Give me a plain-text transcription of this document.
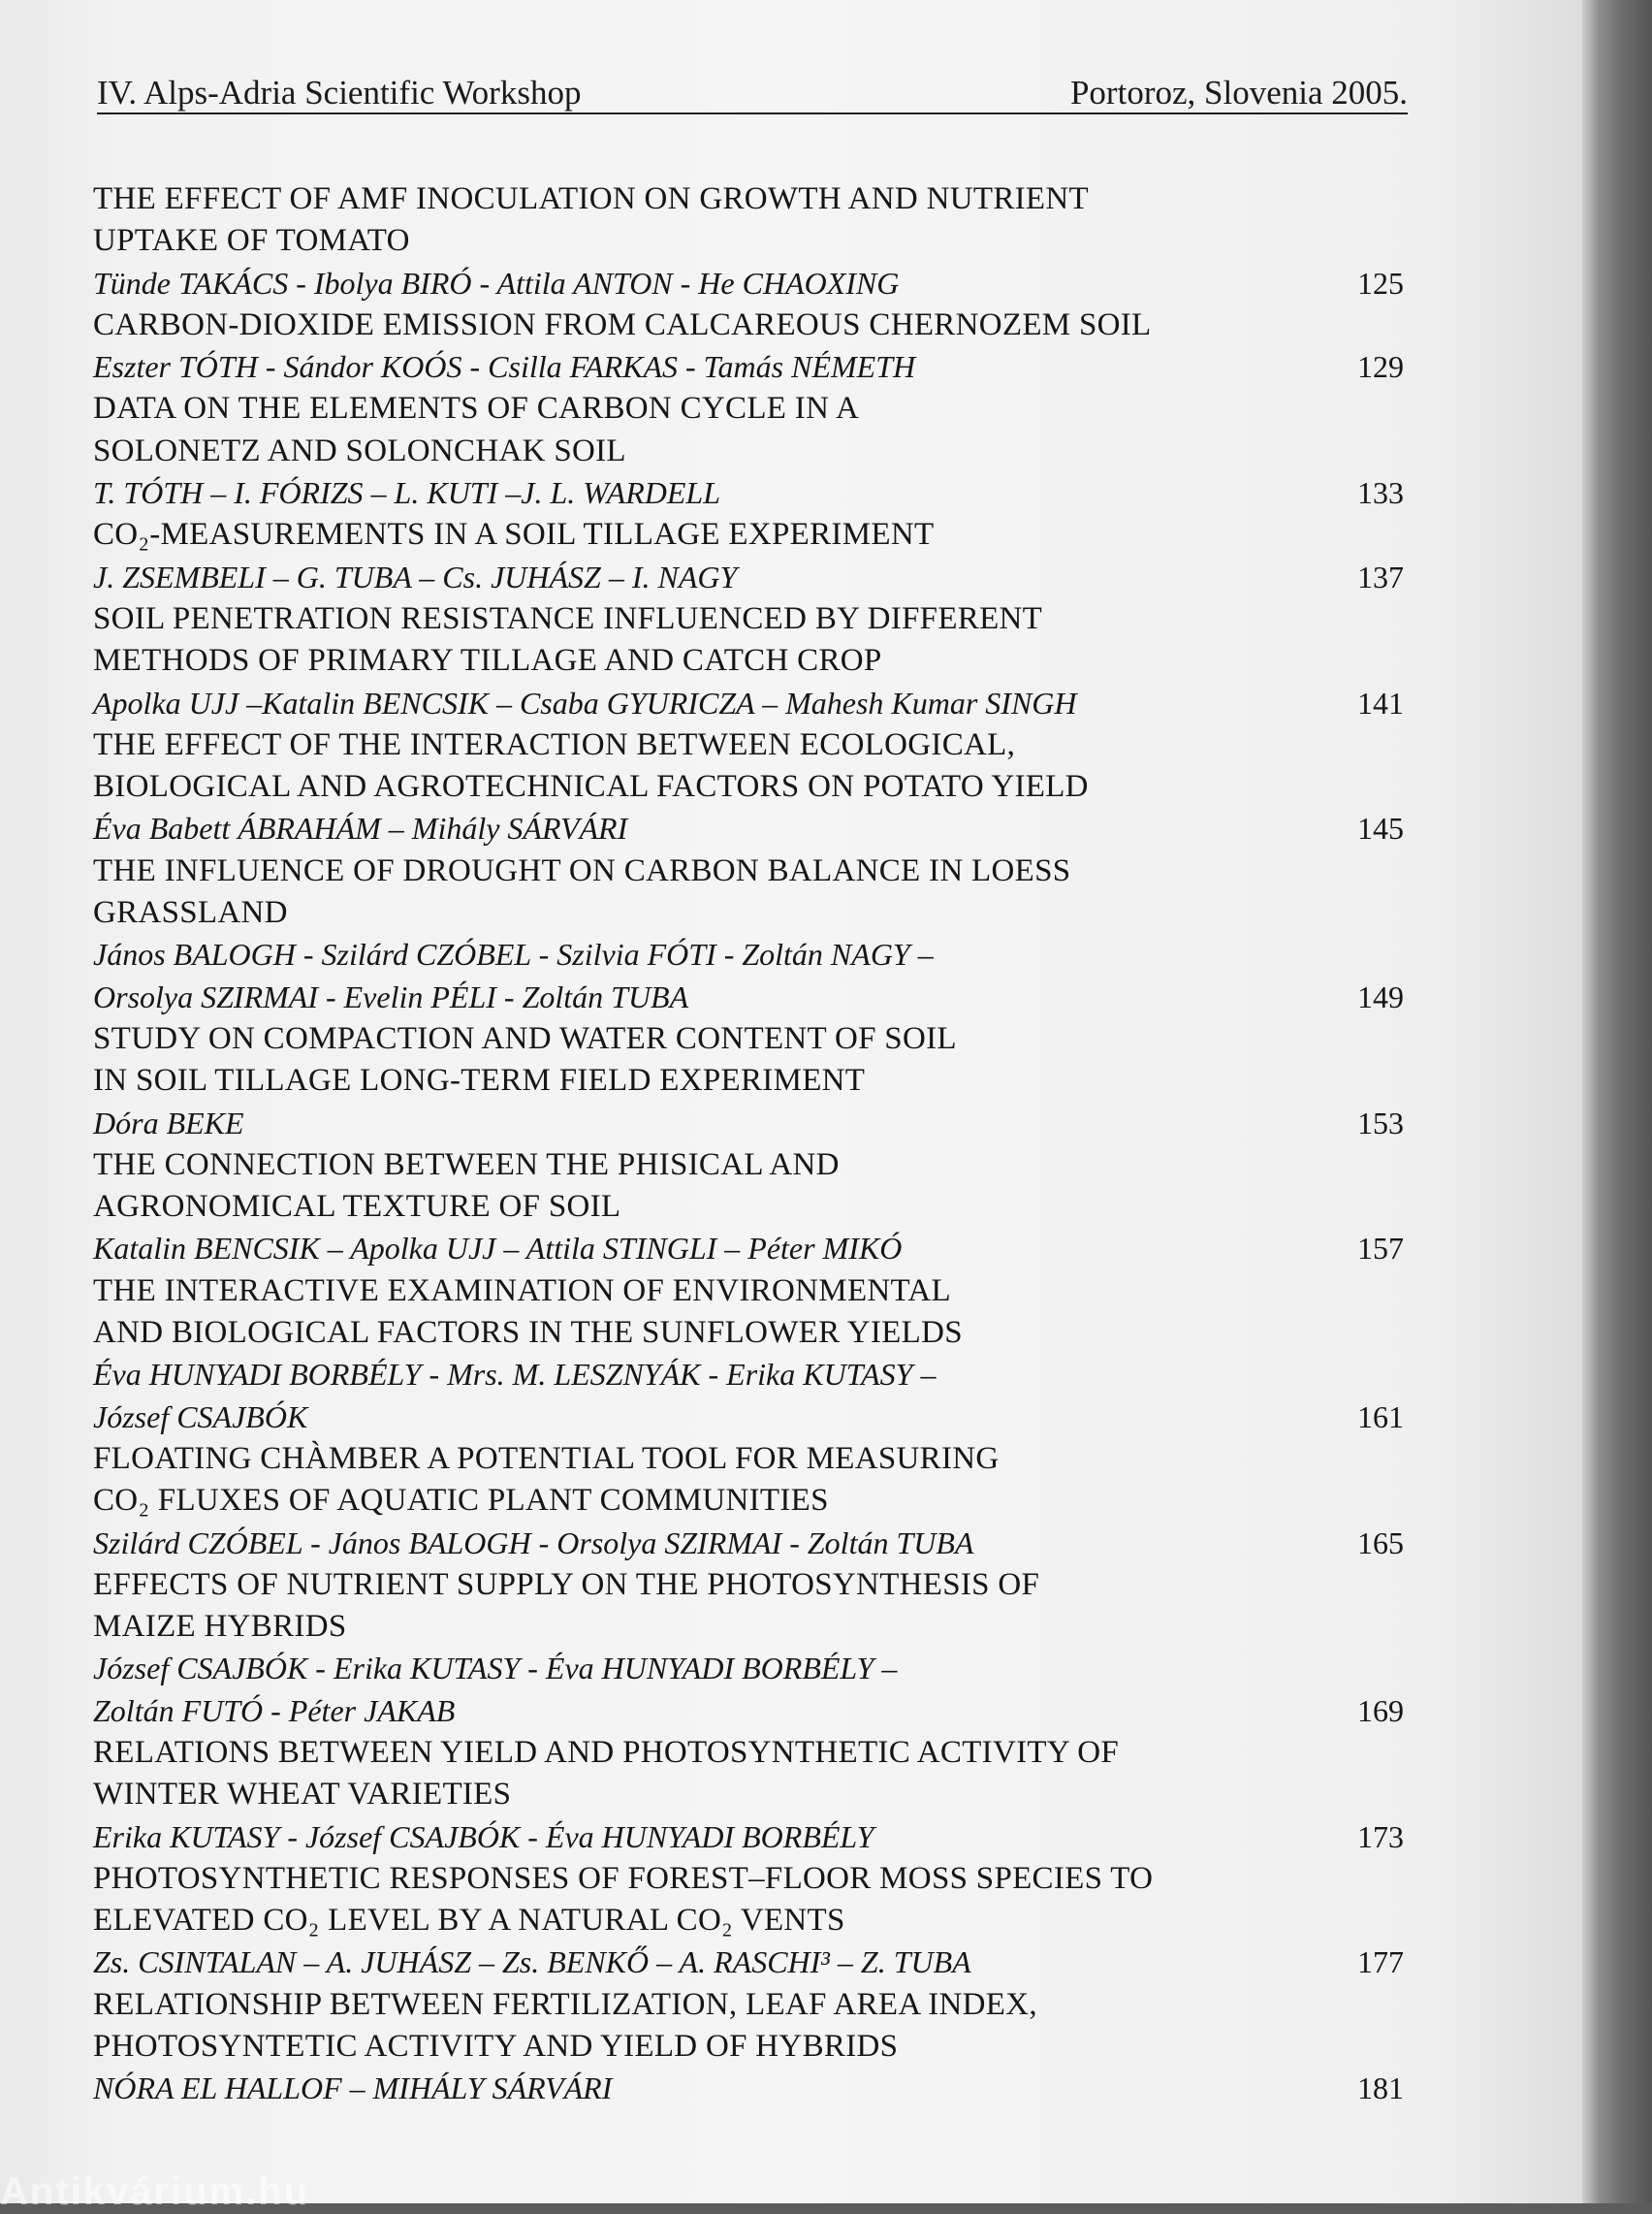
IV. Alps-Adria Scientific Workshop	Portoroz, Slovenia 2005.
THE EFFECT OF AMF INOCULATION ON GROWTH AND NUTRIENT
UPTAKE OF TOMATO
Tünde TAKÁCS - Ibolya BIRÓ - Attila ANTON - He CHAOXING	125
CARBON-DIOXIDE EMISSION FROM CALCAREOUS CHERNOZEM SOIL
Eszter TÓTH - Sándor KOÓS - Csilla FARKAS - Tamás NÉMETH	129
DATA ON THE ELEMENTS OF CARBON CYCLE IN A
SOLONETZ AND SOLONCHAK SOIL
T. TÓTH – I. FÓRIZS – L. KUTI –J. L. WARDELL	133
CO₂-MEASUREMENTS IN A SOIL TILLAGE EXPERIMENT
J. ZSEMBELI – G. TUBA – Cs. JUHÁSZ – I. NAGY	137
SOIL PENETRATION RESISTANCE INFLUENCED BY DIFFERENT
METHODS OF PRIMARY TILLAGE AND CATCH CROP
Apolka UJJ –Katalin BENCSIK – Csaba GYURICZA – Mahesh Kumar SINGH	141
THE EFFECT OF THE INTERACTION BETWEEN ECOLOGICAL,
BIOLOGICAL AND AGROTECHNICAL FACTORS ON POTATO YIELD
Éva Babett ÁBRAHÁM – Mihály SÁRVÁRI	145
THE INFLUENCE OF DROUGHT ON CARBON BALANCE IN LOESS
GRASSLAND
János BALOGH - Szilárd CZÓBEL - Szilvia FÓTI - Zoltán NAGY –
Orsolya SZIRMAI - Evelin PÉLI - Zoltán TUBA	149
STUDY ON COMPACTION AND WATER CONTENT OF SOIL
IN SOIL TILLAGE LONG-TERM FIELD EXPERIMENT
Dóra BEKE	153
THE CONNECTION BETWEEN THE PHISICAL AND
AGRONOMICAL TEXTURE OF SOIL
Katalin BENCSIK – Apolka UJJ – Attila STINGLI – Péter MIKÓ	157
THE INTERACTIVE EXAMINATION OF ENVIRONMENTAL
AND BIOLOGICAL FACTORS IN THE SUNFLOWER YIELDS
Éva HUNYADI BORBÉLY - Mrs. M. LESZNYÁK - Erika KUTASY –
József CSAJBÓK	161
FLOATING CHÀMBER A POTENTIAL TOOL FOR MEASURING
CO₂ FLUXES OF AQUATIC PLANT COMMUNITIES
Szilárd CZÓBEL - János BALOGH - Orsolya SZIRMAI - Zoltán TUBA	165
EFFECTS OF NUTRIENT SUPPLY ON THE PHOTOSYNTHESIS OF
MAIZE HYBRIDS
József CSAJBÓK - Erika KUTASY - Éva HUNYADI BORBÉLY –
Zoltán FUTÓ - Péter JAKAB	169
RELATIONS BETWEEN YIELD AND PHOTOSYNTHETIC ACTIVITY OF
WINTER WHEAT VARIETIES
Erika KUTASY - József CSAJBÓK - Éva HUNYADI BORBÉLY	173
PHOTOSYNTHETIC RESPONSES OF FOREST–FLOOR MOSS SPECIES TO
ELEVATED CO₂ LEVEL BY A NATURAL CO₂ VENTS
Zs. CSINTALAN – A. JUHÁSZ – Zs. BENKŐ – A. RASCHI³ – Z. TUBA	177
RELATIONSHIP BETWEEN FERTILIZATION, LEAF AREA INDEX,
PHOTOSYNTETIC ACTIVITY AND YIELD OF HYBRIDS
NÓRA EL HALLOF – MIHÁLY SÁRVÁRI	181
Antikvárium.hu
